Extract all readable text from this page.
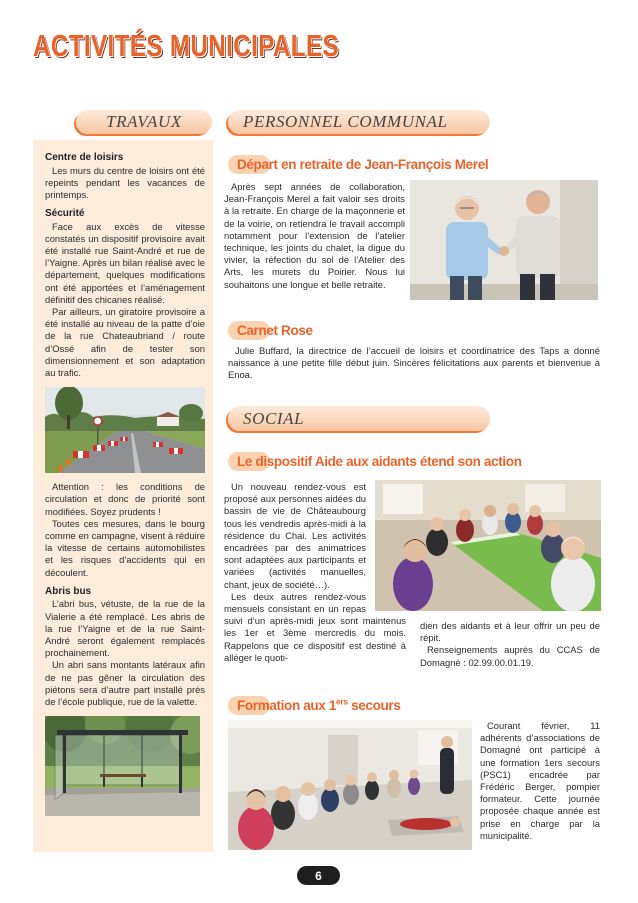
ACTIVITÉS MUNICIPALES
TRAVAUX
Centre de loisirs

Les murs du centre de loisirs ont été repeints pendant les vacances de printemps.

Sécurité

Face aux excès de vitesse constatés un dispositif provisoire avait été installé rue Saint-André et rue de l’Yaigne. Après un bilan réalisé avec le département, quelques modifications ont été apportées et l’aménagement définitif des chicanes réalisé.

Par ailleurs, un giratoire provisoire a été installé au niveau de la patte d’oie de la rue Chateaubriand / route d’Ossé afin de tester son dimensionnement et son adaptation au trafic.

Attention : les conditions de circulation et donc de priorité sont modifiées. Soyez prudents !

Toutes ces mesures, dans le bourg comme en campagne, visent à réduire la vitesse de certains automobilistes et les risques d’accidents qui en découlent.

Abris bus

L’abri bus, vétuste, de la rue de la Vialerie a été remplacé. Les abris de la rue l’Yaigne et de la rue Saint-André seront également remplacés prochainement.

Un abri sans montants latéraux afin de ne pas gêner la circulation des piétons sera d’autre part installé près de l’école publique, rue de la valette.

PERSONNEL COMMUNAL
Départ en retraite de Jean-François Merel

Après sept années de collaboration, Jean-François Merel a fait valoir ses droits à la retraite. En charge de la maçonnerie et de la voirie, on retiendra le travail accompli notamment pour l’extension de l’atelier technique, les joints du chalet, la digue du vivier, la réfection du sol de l’Atelier des Arts, les murets du Poirier. Nous lui souhaitons une longue et belle retraite.

Carnet Rose

Julie Buffard, la directrice de l’accueil de loisirs et coordinatrice des Taps a donné naissance à une petite fille début juin. Sincères félicitations aux parents et bienvenue à Enoa.

SOCIAL
Le dispositif Aide aux aidants étend son action

Un nouveau rendez-vous est proposé aux personnes aidées du bassin de vie de Châteaubourg tous les vendredis après-midi à la résidence du Chai. Les activités encadrées par des animatrices sont adaptées aux participants et variées (activités manuelles, chant, jeux de société…).

Les deux autres rendez-vous mensuels consistant en un repas suivi d’un après-midi jeux sont maintenus les 1er et 3ème mercredis du mois. Rappelons que ce dispositif est destiné à alléger le quoti-

dien des aidants et à leur offrir un peu de répit.

Renseignements auprès du CCAS de Domagné : 02.99.00.01.19.

Formation aux 1ers secours

Courant février, 11 adhérents d’associations de Domagné ont participé à une formation 1ers secours (PSC1) encadrée par Frédéric Berger, pompier formateur. Cette journée proposée chaque année est prise en charge par la municipalité.

6
